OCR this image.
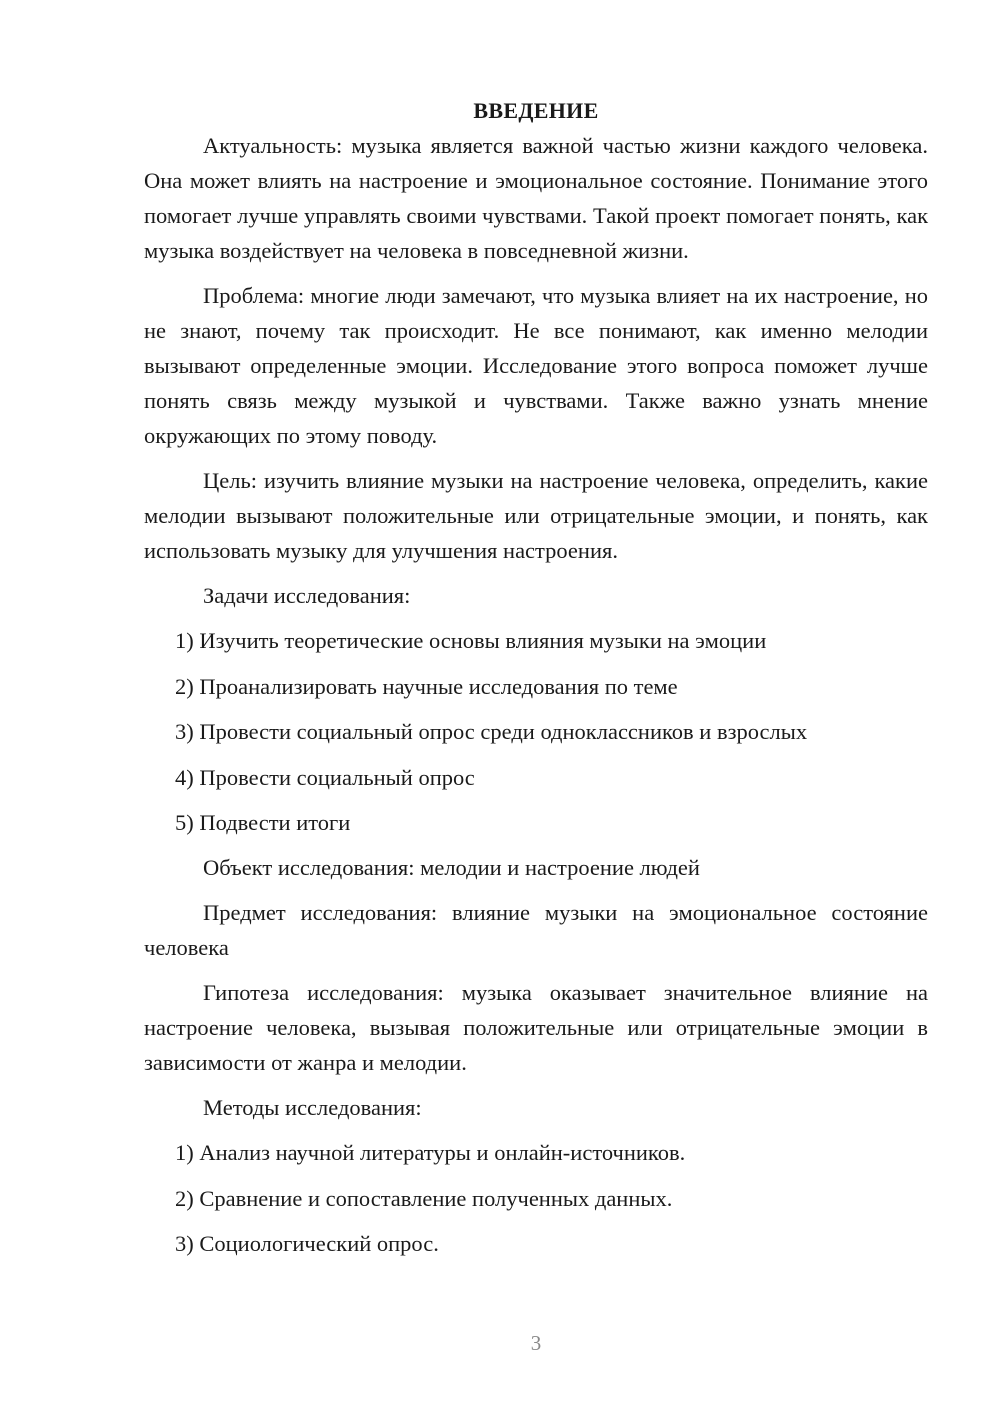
ВВЕДЕНИЕ

Актуальность: музыка является важной частью жизни каждого человека. Она может влиять на настроение и эмоциональное состояние. Понимание этого помогает лучше управлять своими чувствами. Такой проект помогает понять, как музыка воздействует на человека в повседневной жизни.

Проблема: многие люди замечают, что музыка влияет на их настроение, но не знают, почему так происходит. Не все понимают, как именно мелодии вызывают определенные эмоции. Исследование этого вопроса поможет лучше понять связь между музыкой и чувствами. Также важно узнать мнение окружающих по этому поводу.

Цель: изучить влияние музыки на настроение человека, определить, какие мелодии вызывают положительные или отрицательные эмоции, и понять, как использовать музыку для улучшения настроения.

Задачи исследования:

1) Изучить теоретические основы влияния музыки на эмоции
2) Проанализировать научные исследования по теме
3) Провести социальный опрос среди одноклассников и взрослых
4) Провести социальный опрос
5) Подвести итоги

Объект исследования: мелодии и настроение людей

Предмет исследования: влияние музыки на эмоциональное состояние человека

Гипотеза исследования: музыка оказывает значительное влияние на настроение человека, вызывая положительные или отрицательные эмоции в зависимости от жанра и мелодии.

Методы исследования:

1) Анализ научной литературы и онлайн-источников.
2) Сравнение и сопоставление полученных данных.
3) Социологический опрос.
3
